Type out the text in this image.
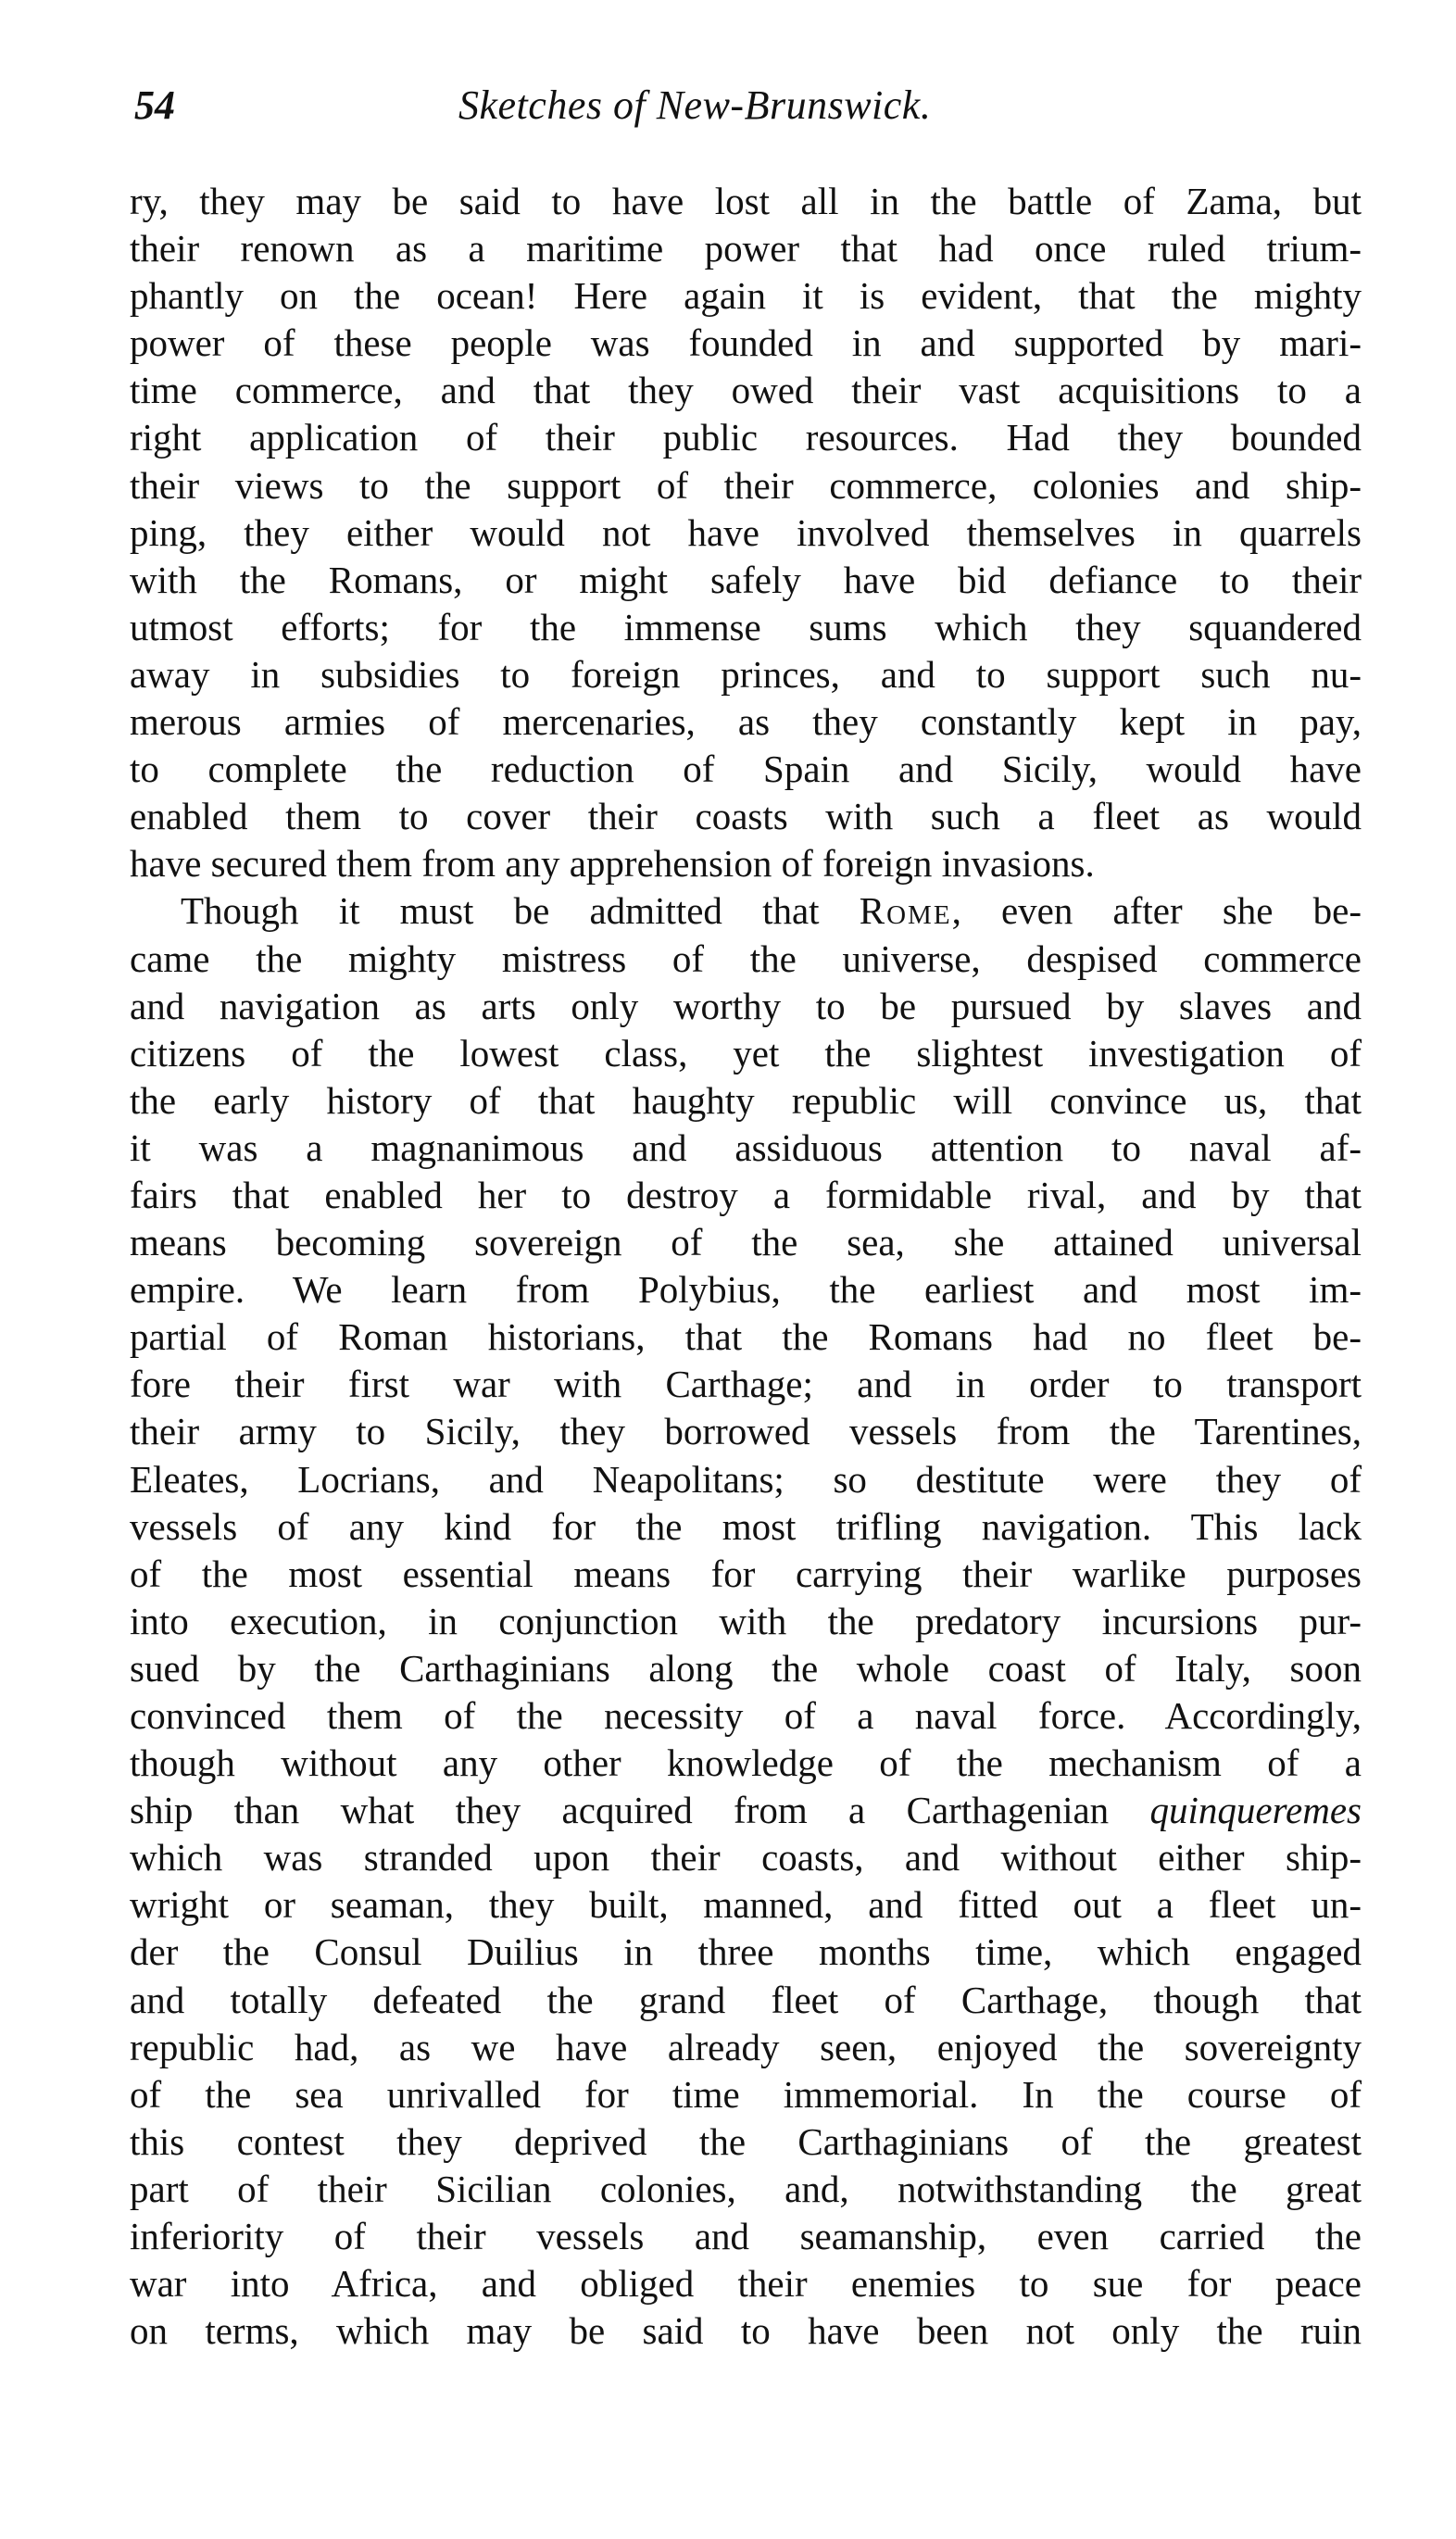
54	Sketches of New-Brunswick.
ry, they may be said to have lost all in the battle of Zama, but
their renown as a maritime power that had once ruled trium-
phantly on the ocean! Here again it is evident, that the mighty
power of these people was founded in and supported by mari-
time commerce, and that they owed their vast acquisitions to a
right application of their public resources. Had they bounded
their views to the support of their commerce, colonies and ship-
ping, they either would not have involved themselves in quarrels
with the Romans, or might safely have bid defiance to their
utmost efforts; for the immense sums which they squandered
away in subsidies to foreign princes, and to support such nu-
merous armies of mercenaries, as they constantly kept in pay,
to complete the reduction of Spain and Sicily, would have
enabled them to cover their coasts with such a fleet as would
have secured them from any apprehension of foreign invasions.
Though it must be admitted that Rome, even after she be-
came the mighty mistress of the universe, despised commerce
and navigation as arts only worthy to be pursued by slaves and
citizens of the lowest class, yet the slightest investigation of
the early history of that haughty republic will convince us, that
it was a magnanimous and assiduous attention to naval af-
fairs that enabled her to destroy a formidable rival, and by that
means becoming sovereign of the sea, she attained universal
empire. We learn from Polybius, the earliest and most im-
partial of Roman historians, that the Romans had no fleet be-
fore their first war with Carthage; and in order to transport
their army to Sicily, they borrowed vessels from the Tarentines,
Eleates, Locrians, and Neapolitans; so destitute were they of
vessels of any kind for the most trifling navigation. This lack
of the most essential means for carrying their warlike purposes
into execution, in conjunction with the predatory incursions pur-
sued by the Carthaginians along the whole coast of Italy, soon
convinced them of the necessity of a naval force. Accordingly,
though without any other knowledge of the mechanism of a
ship than what they acquired from a Carthagenian quinqueremes
which was stranded upon their coasts, and without either ship-
wright or seaman, they built, manned, and fitted out a fleet un-
der the Consul Duilius in three months time, which engaged
and totally defeated the grand fleet of Carthage, though that
republic had, as we have already seen, enjoyed the sovereignty
of the sea unrivalled for time immemorial. In the course of
this contest they deprived the Carthaginians of the greatest
part of their Sicilian colonies, and, notwithstanding the great
inferiority of their vessels and seamanship, even carried the
war into Africa, and obliged their enemies to sue for peace
on terms, which may be said to have been not only the ruin
